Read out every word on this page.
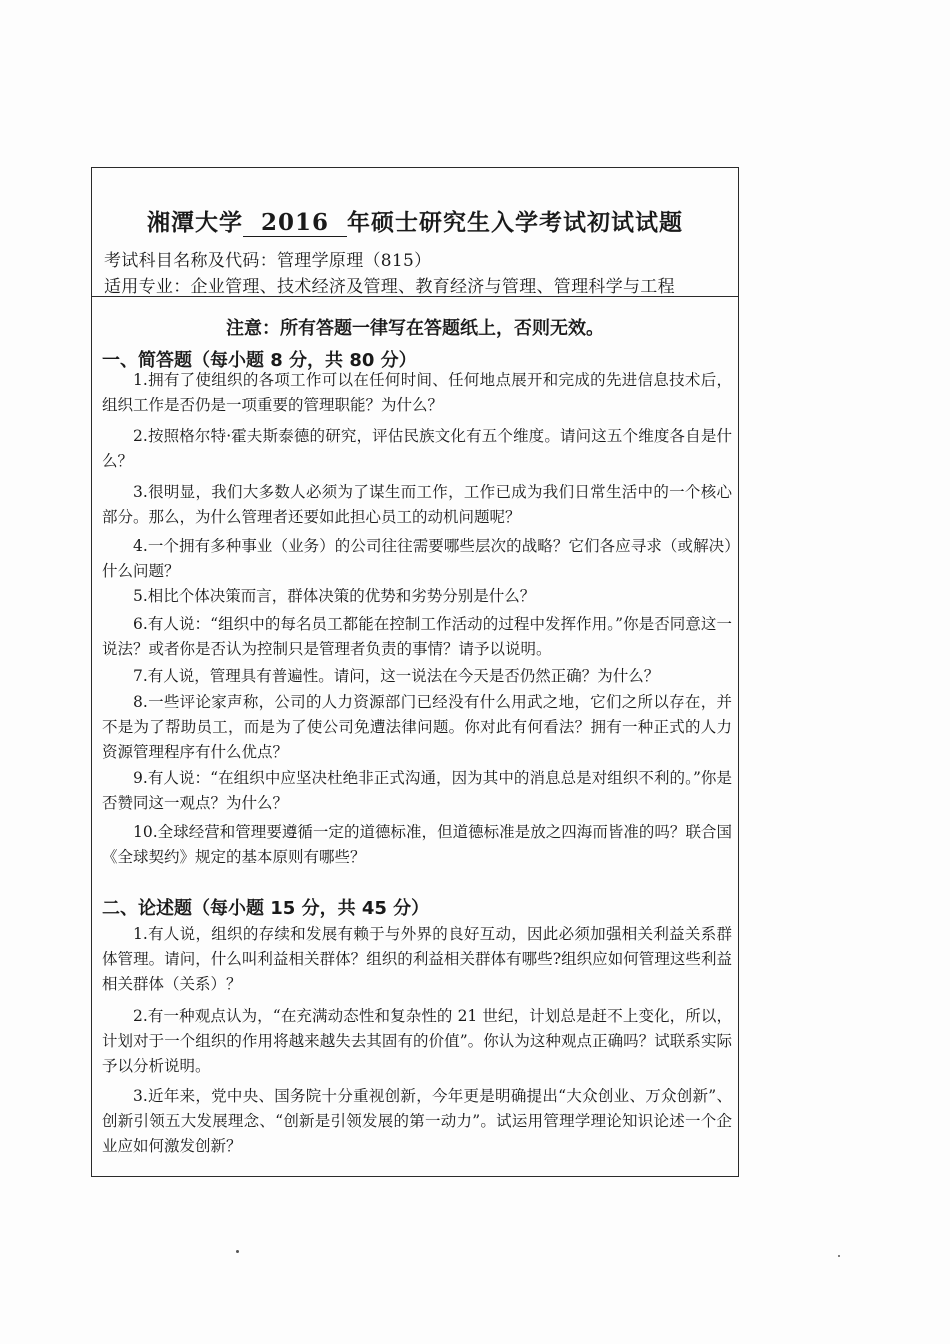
湘潭大学 2016 年硕士研究生入学考试初试试题
考试科目名称及代码：管理学原理（815）
适用专业：企业管理、技术经济及管理、教育经济与管理、管理科学与工程
注意：所有答题一律写在答题纸上，否则无效。
一、简答题（每小题 8 分，共 80 分）

1.拥有了使组织的各项工作可以在任何时间、任何地点展开和完成的先进信息技术后，组织工作是否仍是一项重要的管理职能？为什么？

2.按照格尔特·霍夫斯泰德的研究，评估民族文化有五个维度。请问这五个维度各自是什么？

3.很明显，我们大多数人必须为了谋生而工作，工作已成为我们日常生活中的一个核心部分。那么，为什么管理者还要如此担心员工的动机问题呢？

4.一个拥有多种事业（业务）的公司往往需要哪些层次的战略？它们各应寻求（或解决）什么问题？

5.相比个体决策而言，群体决策的优势和劣势分别是什么？

6.有人说：“组织中的每名员工都能在控制工作活动的过程中发挥作用。”你是否同意这一说法？或者你是否认为控制只是管理者负责的事情？请予以说明。

7.有人说，管理具有普遍性。请问，这一说法在今天是否仍然正确？为什么？

8.一些评论家声称，公司的人力资源部门已经没有什么用武之地，它们之所以存在，并不是为了帮助员工，而是为了使公司免遭法律问题。你对此有何看法？拥有一种正式的人力资源管理程序有什么优点？

9.有人说：“在组织中应坚决杜绝非正式沟通，因为其中的消息总是对组织不利的。”你是否赞同这一观点？为什么？

10.全球经营和管理要遵循一定的道德标准，但道德标准是放之四海而皆准的吗？联合国《全球契约》规定的基本原则有哪些？

二、论述题（每小题 15 分，共 45 分）

1.有人说，组织的存续和发展有赖于与外界的良好互动，因此必须加强相关利益关系群体管理。请问，什么叫利益相关群体？组织的利益相关群体有哪些?组织应如何管理这些利益相关群体（关系）？

2.有一种观点认为，“在充满动态性和复杂性的 21 世纪，计划总是赶不上变化，所以，计划对于一个组织的作用将越来越失去其固有的价值”。你认为这种观点正确吗？试联系实际予以分析说明。

3.近年来，党中央、国务院十分重视创新，今年更是明确提出“大众创业、万众创新”、创新引领五大发展理念、“创新是引领发展的第一动力”。试运用管理学理论知识论述一个企业应如何激发创新？
